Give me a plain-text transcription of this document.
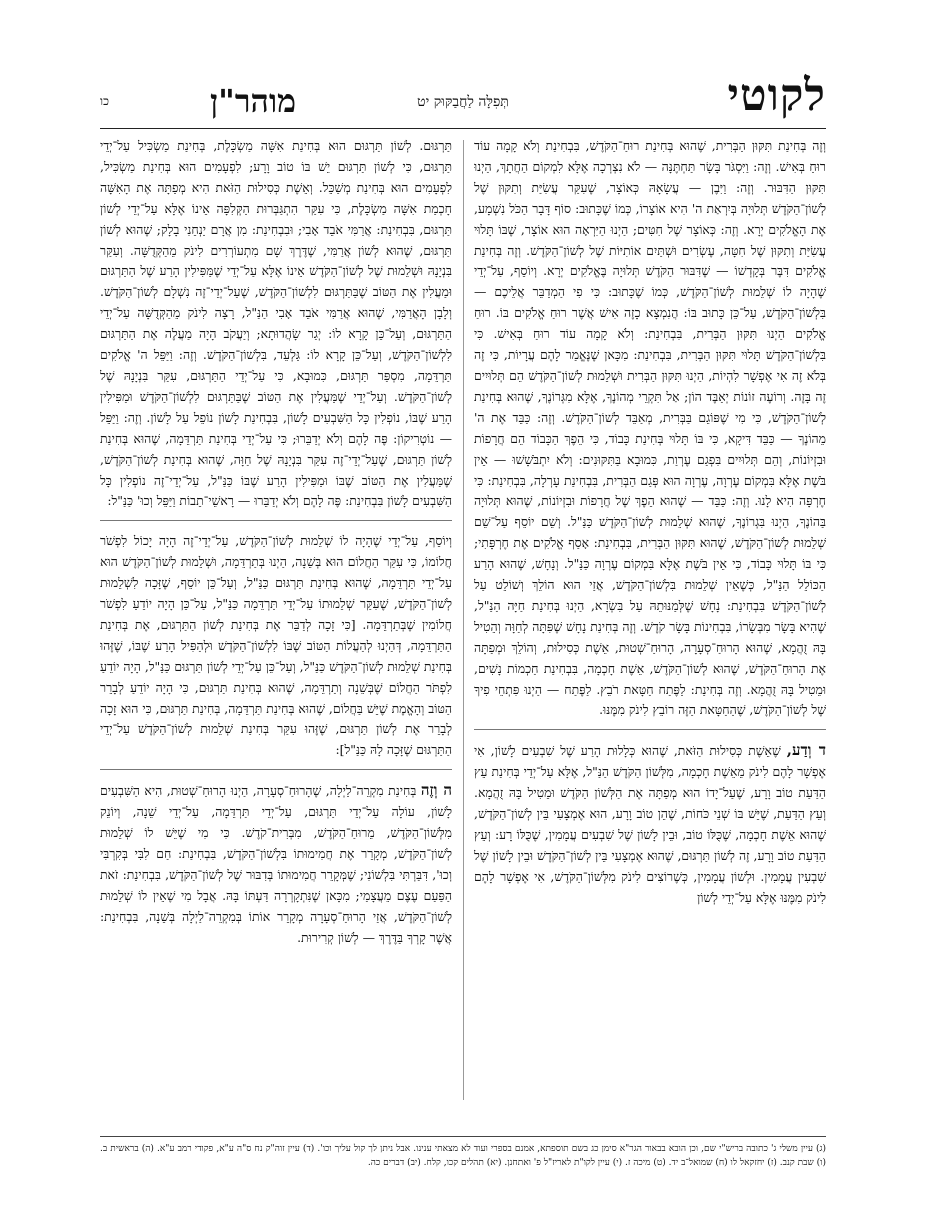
לקוטי
תְּפִלָּה לַחֲבַקּוּק יט
מוהר"ן
כו

וְזֶה בְּחִינַת תִּקּוּן הַבְּרִית, שֶׁהוּא בְּחִינַת רוּחַ־הַקֹּדֶשׁ, בִּבְחִינַת וְלֹא קָמָה עוֹד רוּחַ בְּאִישׁ. וְזֶה: וַיִּסְגֹּר בָּשָׂר תַּחְתֶּנָּה — לֹא נִצְרְכָה אֶלָּא לִמְקוֹם הַחֲתָךְ, הַיְנוּ תִּקּוּן הַדִּבּוּר. וְזֶה: וַיִּבֶן — עֲשָׂאָהּ כְּאוֹצָר, שֶׁעִקַּר עֲשִׂיַּת וְתִקּוּן שֶׁל לְשׁוֹן־הַקֹּדֶשׁ תְּלוּיָה בְּיִרְאַת ה' הִיא אוֹצָרוֹ, כְּמוֹ שֶׁכָּתוּב: סוֹף דָּבָר הַכֹּל נִשְׁמָע, אֶת הָאֱלֹקִים יְרָא. וְזֶה: כְּאוֹצָר שֶׁל חִטִּים; הַיְנוּ הַיִּרְאָה הוּא אוֹצָר, שֶׁבּוֹ תָּלוּי עֲשִׂיַּת וְתִקּוּן שֶׁל חִטָּה, עֶשְׂרִים וּשְׁתַּיִם אוֹתִיּוֹת שֶׁל לְשׁוֹן־הַקֹּדֶשׁ. וְזֶה בְּחִינַת אֱלֹקִים דִּבֶּר בְּקָדְשׁוֹ — שֶׁדִּבּוּר הַקֹּדֶשׁ תְּלוּיָה בֶּאֱלֹקִים יְרָא. וְיוֹסֵף, עַל־יְדֵי שֶׁהָיָה לוֹ שְׁלֵמוּת לְשׁוֹן־הַקֹּדֶשׁ, כְּמוֹ שֶׁכָּתוּב: כִּי פִי הַמְדַבֵּר אֲלֵיכֶם — בִּלְשׁוֹן־הַקֹּדֶשׁ, עַל־כֵּן כָּתוּב בּוֹ: הֲנִמְצָא כָזֶה אִישׁ אֲשֶׁר רוּחַ אֱלֹקִים בּוֹ. רוּחַ אֱלֹקִים הַיְנוּ תִּקּוּן הַבְּרִית, בִּבְחִינַת: וְלֹא קָמָה עוֹד רוּחַ בְּאִישׁ. כִּי בִּלְשׁוֹן־הַקֹּדֶשׁ תָּלוּי תִּקּוּן הַבְּרִית, בִּבְחִינַת: מִכָּאן שֶׁנֶּאֱמַר לָהֶם עֲרָיוֹת, כִּי זֶה בְּלֹא זֶה אִי אֶפְשָׁר לִהְיוֹת, הַיְנוּ תִּקּוּן הַבְּרִית וּשְׁלֵמוּת לְשׁוֹן־הַקֹּדֶשׁ הֵם תְּלוּיִים זֶה בָּזֶה. וְרוֹעֶה זוֹנוֹת יְאַבֶּד הוֹן; אַל תִּקְרֵי מְהוֹנֶךָ, אֶלָּא מִגְּרוֹנֶךָ, שֶׁהוּא בְּחִינַת לְשׁוֹן־הַקֹּדֶשׁ, כִּי מִי שֶׁפּוֹגֵם בַּבְּרִית, מְאַבֵּד לְשׁוֹן־הַקֹּדֶשׁ. וְזֶה: כַּבֵּד אֶת ה' מֵהוֹנֶךָ — כַּבֵּד דִּיקָא, כִּי בּוֹ תָּלוּי בְּחִינַת כָּבוֹד, כִּי הֵפֶךְ הַכָּבוֹד הֵם חֲרָפוֹת וּבִזְיוֹנוֹת, וְהֵם תְּלוּיִים בִּפְגַם עֶרְוַת, כִּמוּבָא בַּתִּקּוּנִים: וְלֹא יִתְבֹּשָׁשׁוּ — אֵין בֹּשֶׁת אֶלָּא בִּמְקוֹם עֶרְוָה, עֶרְוָה הוּא פְּגַם הַבְּרִית, בִּבְחִינַת עָרְלָה, בִּבְחִינַת: כִּי חֶרְפָּה הִיא לָנוּ. וְזֶה: כַּבֵּד — שֶׁהוּא הֵפֶךְ שֶׁל חֲרָפוֹת וּבִזְיוֹנוֹת, שֶׁהוּא תְּלוּיָה בַּהוֹנֶךָ, הַיְנוּ בִּגְרוֹנֶךָ, שֶׁהוּא שְׁלֵמוּת לְשׁוֹן־הַקֹּדֶשׁ כַּנַּ"ל. וְשֵׁם יוֹסֵף עַל־שֵׁם שְׁלֵמוּת לְשׁוֹן־הַקֹּדֶשׁ, שֶׁהוּא תִּקּוּן הַבְּרִית, בִּבְחִינַת: אָסַף אֱלֹקִים אֶת חֶרְפָּתִי; כִּי בּוֹ תָּלוּי כָּבוֹד, כִּי אֵין בֹּשֶׁת אֶלָּא בִּמְקוֹם עֶרְוָה כַּנַּ"ל. וְנָחָשׁ, שֶׁהוּא הָרַע הַכּוֹלֵל הַנַּ"ל, כְּשֶׁאֵין שְׁלֵמוּת בִּלְשׁוֹן־הַקֹּדֶשׁ, אֲזַי הוּא הוֹלֵךְ וְשׁוֹלֵט עַל לְשׁוֹן־הַקֹּדֶשׁ בִּבְחִינַת: נָחָשׁ שֶׁלְּמַנּוּתֵהּ עַל בִּשְׂרָא, הַיְנוּ בְּחִינַת חַיָּה הַנַּ"ל, שֶׁהִיא בָּשָׂר מִבְּשָׂרוֹ, בִּבְחִינוֹת בָּשָׂר קֹדֶשׁ. וְזֶה בְּחִינַת נָחָשׁ שֶׁפִּתָּה לְחַוָּה וְהֵטִיל בָּהּ זֻהֲמָא, שֶׁהוּא הָרוּחַ־סְעָרָה, הָרוּחַ־שְׁטוּת, אֵשֶׁת כְּסִילוּת, וְהוֹלֵךְ וּמְפַתָּה אֶת הָרוּחַ־הַקֹּדֶשׁ, שֶׁהוּא לְשׁוֹן־הַקֹּדֶשׁ, אֵשֶׁת חָכְמָה, בִּבְחִינַת חַכְמוֹת נָשִׁים, וּמֵטִיל בָּהּ זֻהֲמָא. וְזֶה בְּחִינַת: לַפֶּתַח חַטָּאת רֹבֵץ. לַפֶּתַח — הַיְנוּ פִּתְחֵי פִיךָ שֶׁל לְשׁוֹן־הַקֹּדֶשׁ, שֶׁהַחַטָּאת הַזֶּה רוֹבֵץ לִינֹק מִמֶּנּוּ.

ד וְדַע, שֶׁאֵשֶׁת כְּסִילוּת הַזֹּאת, שֶׁהוּא כְּלָלוּת הָרַע שֶׁל שִׁבְעִים לָשׁוֹן, אִי אֶפְשָׁר לָהֶם לִינֹק מֵאֵשֶׁת חָכְמָה, מִלְּשׁוֹן הַקֹּדֶשׁ הַנַּ"ל, אֶלָּא עַל־יְדֵי בְּחִינַת עֵץ הַדַּעַת טוֹב וָרָע, שֶׁעַל־יָדוֹ הוּא מְפַתָּה אֶת הַלְּשׁוֹן הַקֹּדֶשׁ וּמֵטִיל בָּהּ זֻהֲמָא. וְעֵץ הַדַּעַת, שֶׁיֵּשׁ בּוֹ שְׁנֵי כֹּחוֹת, שֶׁהֵן טוֹב וָרָע, הוּא אֶמְצָעִי בֵּין לְשׁוֹן־הַקֹּדֶשׁ, שֶׁהוּא אֵשֶׁת חָכְמָה, שֶׁכֻּלּוֹ טוֹב, וּבֵין לָשׁוֹן שֶׁל שִׁבְעִים עֲמָמִין, שֶׁכֻּלּוֹ רָע: וְעֵץ הַדַּעַת טוֹב וָרָע, זֶה לְשׁוֹן תַּרְגּוּם, שֶׁהוּא אֶמְצָעִי בֵּין לְשׁוֹן־הַקֹּדֶשׁ וּבֵין לָשׁוֹן שֶׁל שִׁבְעִין עֲמָמִין. וּלְשׁוֹן עֲמָמִין, כְּשֶׁרוֹצִים לִינֹק מִלְּשׁוֹן־הַקֹּדֶשׁ, אִי אֶפְשָׁר לָהֶם לִינֹק מִמֶּנּוּ אֶלָּא עַל־יְדֵי לְשׁוֹן

תַּרְגּוּם. לְשׁוֹן תַּרְגּוּם הוּא בְּחִינַת אִשָּׁה מַשְׂכָּלֶת, בְּחִינַת מַשְׂכִּיל עַל־יְדֵי תַּרְגּוּם, כִּי לְשׁוֹן תַּרְגּוּם יֵשׁ בּוֹ טוֹב וָרָע; לִפְעָמִים הוּא בְּחִינַת מַשְׂכִּיל, לִפְעָמִים הוּא בְּחִינַת מְשַׁכֵּל. וְאֵשֶׁת כְּסִילוּת הַזֹּאת הִיא מְפַתָּה אֶת הָאִשָּׁה חָכְמַת אִשָּׁה מַשְׂכָּלֶת, כִּי עִקַּר הִתְגַּבְּרוּת הַקְּלִפָּה אֵינוֹ אֶלָּא עַל־יְדֵי לְשׁוֹן תַּרְגּוּם, בִּבְחִינַת: אֲרַמִּי אֹבֵד אָבִי; וּבִבְחִינַת: מִן אֲרָם יַנְחֵנִי בָלָק; שֶׁהוּא לְשׁוֹן תַּרְגּוּם, שֶׁהוּא לְשׁוֹן אֲרַמִּי, שֶׁדֶּרֶךְ שָׁם מִתְעוֹרְרִים לִינֹק מֵהַקְּדֻשָּׁה. וְעִקַּר בִּנְיָנָהּ וּשְׁלֵמוּת שֶׁל לְשׁוֹן־הַקֹּדֶשׁ אֵינוֹ אֶלָּא עַל־יְדֵי שֶׁמַּפִּילִין הָרַע שֶׁל הַתַּרְגּוּם וּמַעֲלִין אֶת הַטּוֹב שֶׁבַּתַּרְגּוּם לִלְשׁוֹן־הַקֹּדֶשׁ, שֶׁעַל־יְדֵי־זֶה נִשְׁלָם לְשׁוֹן־הַקֹּדֶשׁ. וְלָבָן הָאֲרַמִּי, שֶׁהוּא אֲרַמִּי אֹבֵד אָבִי הַנַּ"ל, רָצָה לִינֹק מֵהַקְּדֻשָּׁה עַל־יְדֵי הַתַּרְגּוּם, וְעַל־כֵּן קָרָא לוֹ: יְגַר שָׂהֲדוּתָא; וְיַעֲקֹב הָיָה מַעֲלֶה אֶת הַתַּרְגּוּם לִלְשׁוֹן־הַקֹּדֶשׁ, וְעַל־כֵּן קָרָא לוֹ: גַּלְעֵד, בִּלְשׁוֹן־הַקֹּדֶשׁ. וְזֶה: וַיַּפֵּל ה' אֱלֹקִים תַּרְדֵּמָה, מִסְפַּר תַּרְגּוּם, כִּמוּבָא, כִּי עַל־יְדֵי הַתַּרְגּוּם, עִקַּר בִּנְיָנָהּ שֶׁל לְשׁוֹן־הַקֹּדֶשׁ. וְעַל־יְדֵי שֶׁמַּעֲלִין אֶת הַטּוֹב שֶׁבַּתַּרְגּוּם לִלְשׁוֹן־הַקֹּדֶשׁ וּמַפִּילִין הָרַע שֶׁבּוֹ, נוֹפְלִין כָּל הַשִּׁבְעִים לָשׁוֹן, בִּבְחִינַת לָשׁוֹן נוֹפֵל עַל לָשׁוֹן. וְזֶה: וַיַּפֵּל — נוֹטְרִיקוֹן: פֶּה לָהֶם וְלֹא יְדַבֵּרוּ; כִּי עַל־יְדֵי בְּחִינַת תַּרְדֵּמָה, שֶׁהוּא בְּחִינַת לְשׁוֹן תַּרְגּוּם, שֶׁעַל־יְדֵי־זֶה עִקַּר בִּנְיָנָהּ שֶׁל חַוָּה, שֶׁהוּא בְּחִינַת לְשׁוֹן־הַקֹּדֶשׁ, שֶׁמַּעֲלִין אֶת הַטּוֹב שֶׁבּוֹ וּמַפִּילִין הָרַע שֶׁבּוֹ כַּנַּ"ל, עַל־יְדֵי־זֶה נוֹפְלִין כָּל הַשִּׁבְעִים לָשׁוֹן בִּבְחִינַת: פֶּה לָהֶם וְלֹא יְדַבֵּרוּ — רָאשֵׁי־תֵבוֹת וַיַּפֵּל וְכוּ' כַּנַּ"ל:

וְיוֹסֵף, עַל־יְדֵי שֶׁהָיָה לוֹ שְׁלֵמוּת לְשׁוֹן־הַקֹּדֶשׁ, עַל־יְדֵי־זֶה הָיָה יָכוֹל לִפְשֹׁר חֲלוֹמוֹ, כִּי עִקַּר הַחֲלוֹם הוּא בְּשֵׁנָה, הַיְנוּ בְּתַרְדֵּמָה, וּשְׁלֵמוּת לְשׁוֹן־הַקֹּדֶשׁ הוּא עַל־יְדֵי תַּרְדֵּמָה, שֶׁהוּא בְּחִינַת תַּרְגּוּם כַּנַּ"ל, וְעַל־כֵּן יוֹסֵף, שֶׁזָּכָה לִשְׁלֵמוּת לְשׁוֹן־הַקֹּדֶשׁ, שֶׁעִקַּר שְׁלֵמוּתוֹ עַל־יְדֵי תַּרְדֵּמָה כַּנַּ"ל, עַל־כֵּן הָיָה יוֹדֵעַ לִפְשֹׁר חֲלוֹמִין שֶׁבְּתַרְדֵּמָה. [כִּי זָכָה לְדַבֵּר אֶת בְּחִינַת לְשׁוֹן הַתַּרְגּוּם, אֶת בְּחִינַת הַתַּרְדֵּמָה, דְּהַיְנוּ לְהַעֲלוֹת הַטּוֹב שֶׁבּוֹ לִלְשׁוֹן־הַקֹּדֶשׁ וּלְהַפִּיל הָרַע שֶׁבּוֹ, שֶׁזֶּהוּ בְּחִינַת שְׁלֵמוּת לְשׁוֹן־הַקֹּדֶשׁ כַּנַּ"ל, וְעַל־כֵּן עַל־יְדֵי לְשׁוֹן תַּרְגּוּם כַּנַּ"ל, הָיָה יוֹדֵעַ לִפְתֹּר הַחֲלוֹם שֶׁבְּשֵׁנָה וְתַרְדֵּמָה, שֶׁהוּא בְּחִינַת תַּרְגּוּם, כִּי הָיָה יוֹדֵעַ לְבָרֵר הַטּוֹב וְהָאֱמֶת שֶׁיֵּשׁ בַּחֲלוֹם, שֶׁהוּא בְּחִינַת תַּרְדֵּמָה, בְּחִינַת תַּרְגּוּם, כִּי הוּא זָכָה לְבָרֵר אֶת לְשׁוֹן תַּרְגּוּם, שֶׁזֶּהוּ עִקַּר בְּחִינַת שְׁלֵמוּת לְשׁוֹן־הַקֹּדֶשׁ עַל־יְדֵי הַתַּרְגּוּם שֶׁזָּכָה לָהּ כַּנַּ"ל]:

ה וְזֶה בְּחִינַת מִקְרֵה־לַיְלָה, שֶׁהָרוּחַ־סְעָרָה, הַיְנוּ הָרוּחַ־שְׁטוּת, הִיא הַשִּׁבְעִים לָשׁוֹן, עוֹלָה עַל־יְדֵי תַּרְגּוּם, עַל־יְדֵי תַּרְדֵּמָה, עַל־יְדֵי שֵׁנָה, וְיוֹנֵק מִלְּשׁוֹן־הַקֹּדֶשׁ, מֵרוּחַ־הַקֹּדֶשׁ, מִבְּרִית־קֹדֶשׁ. כִּי מִי שֶׁיֵּשׁ לוֹ שְׁלֵמוּת לְשׁוֹן־הַקֹּדֶשׁ, מְקָרֵר אֶת חֲמִימוּתוֹ בִּלְשׁוֹן־הַקֹּדֶשׁ, בִּבְחִינַת: חַם לִבִּי בְּקִרְבִּי וְכוּ', דִּבַּרְתִּי בִּלְשׁוֹנִי; שֶׁמְּקָרֵר חֲמִימוּתוֹ בְּדִבּוּר שֶׁל לְשׁוֹן־הַקֹּדֶשׁ, בִּבְחִינַת: זֹאת הַפַּעַם עֶצֶם מֵעֲצָמַי; מִכָּאן שֶׁנִּתְקָרְרָה דַּעְתּוֹ בָּהּ. אֲבָל מִי שֶׁאֵין לוֹ שְׁלֵמוּת לְשׁוֹן־הַקֹּדֶשׁ, אֲזַי הָרוּחַ־סְעָרָה מְקָרֵר אוֹתוֹ בְּמִקְרֵה־לַיְלָה בְּשֵׁנָה, בִּבְחִינַת: אֲשֶׁר קָרְךָ בַּדֶּרֶךְ — לְשׁוֹן קְרִירוּת.

(ג) עיין משלי ג' כתובה בריש"י שם, וכן הובא בבאור הגר"א סימן כג בשם תוספתא, אמנם בספרי ועוד לא מצאתי ענינו. אבל ניתן לך קול עליך וכו'. (ד) עיין זוה"ק נח ס"ה ע"א, פקודי רמב ע"א. (ה) בראשית ב. (ו) שבת קנב. (ז) יחזקאל לו (ח) שמואל־ב יד. (ט) מיכה ז. (י) עיין לקו"ת לאריז"ל פ' ואתחנן. (יא) תהלים קכו, קלח. (יב) דברים כה.
